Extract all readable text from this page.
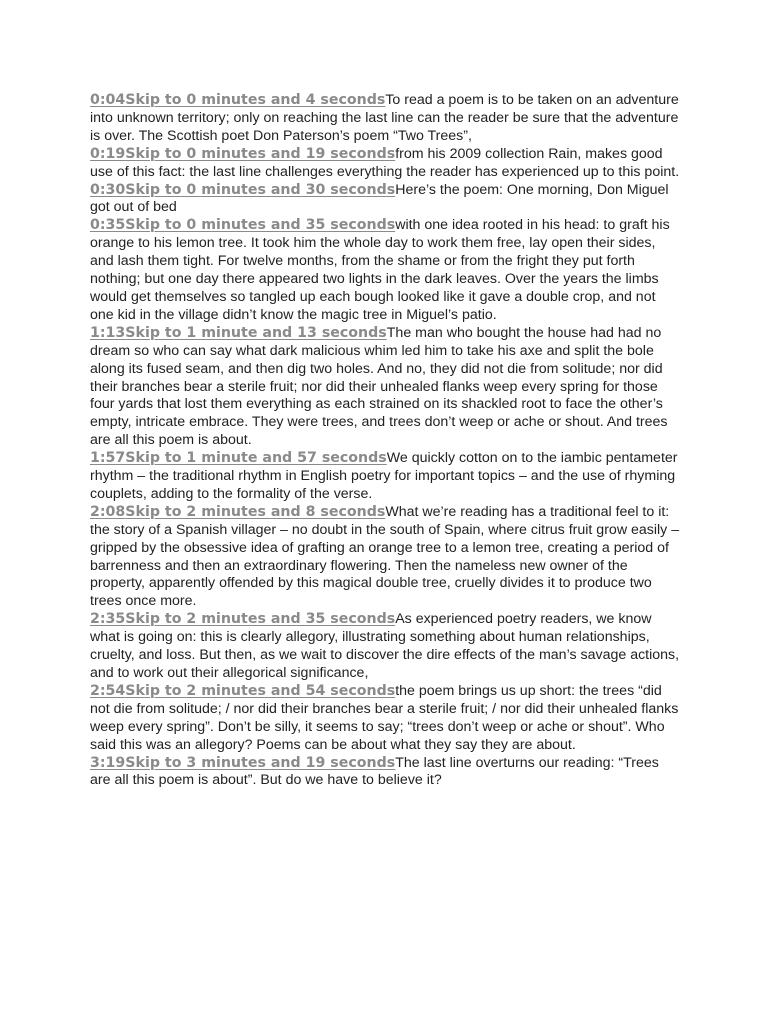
0:04Skip to 0 minutes and 4 secondsTo read a poem is to be taken on an adventure into unknown territory; only on reaching the last line can the reader be sure that the adventure is over. The Scottish poet Don Paterson’s poem “Two Trees”,

0:19Skip to 0 minutes and 19 secondsfrom his 2009 collection Rain, makes good use of this fact: the last line challenges everything the reader has experienced up to this point.

0:30Skip to 0 minutes and 30 secondsHere’s the poem: One morning, Don Miguel got out of bed

0:35Skip to 0 minutes and 35 secondswith one idea rooted in his head: to graft his orange to his lemon tree. It took him the whole day to work them free, lay open their sides, and lash them tight. For twelve months, from the shame or from the fright they put forth nothing; but one day there appeared two lights in the dark leaves. Over the years the limbs would get themselves so tangled up each bough looked like it gave a double crop, and not one kid in the village didn’t know the magic tree in Miguel’s patio.

1:13Skip to 1 minute and 13 secondsThe man who bought the house had had no dream so who can say what dark malicious whim led him to take his axe and split the bole along its fused seam, and then dig two holes. And no, they did not die from solitude; nor did their branches bear a sterile fruit; nor did their unhealed flanks weep every spring for those four yards that lost them everything as each strained on its shackled root to face the other’s empty, intricate embrace. They were trees, and trees don’t weep or ache or shout. And trees are all this poem is about.

1:57Skip to 1 minute and 57 secondsWe quickly cotton on to the iambic pentameter rhythm – the traditional rhythm in English poetry for important topics – and the use of rhyming couplets, adding to the formality of the verse.

2:08Skip to 2 minutes and 8 secondsWhat we’re reading has a traditional feel to it: the story of a Spanish villager – no doubt in the south of Spain, where citrus fruit grow easily – gripped by the obsessive idea of grafting an orange tree to a lemon tree, creating a period of barrenness and then an extraordinary flowering. Then the nameless new owner of the property, apparently offended by this magical double tree, cruelly divides it to produce two trees once more.

2:35Skip to 2 minutes and 35 secondsAs experienced poetry readers, we know what is going on: this is clearly allegory, illustrating something about human relationships, cruelty, and loss. But then, as we wait to discover the dire effects of the man’s savage actions, and to work out their allegorical significance,

2:54Skip to 2 minutes and 54 secondsthe poem brings us up short: the trees “did not die from solitude; / nor did their branches bear a sterile fruit; / nor did their unhealed flanks weep every spring”. Don’t be silly, it seems to say; “trees don’t weep or ache or shout”. Who said this was an allegory? Poems can be about what they say they are about.

3:19Skip to 3 minutes and 19 secondsThe last line overturns our reading: “Trees are all this poem is about”. But do we have to believe it?
